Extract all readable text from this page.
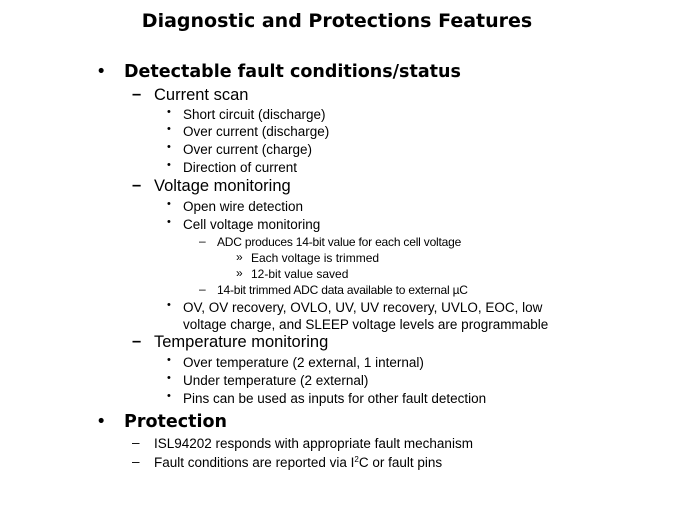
Diagnostic and Protections Features
• Detectable fault conditions/status
– Current scan
• Short circuit (discharge)
• Over current (discharge)
• Over current (charge)
• Direction of current
– Voltage monitoring
• Open wire detection
• Cell voltage monitoring
– ADC produces 14-bit value for each cell voltage
» Each voltage is trimmed
» 12-bit value saved
– 14-bit trimmed ADC data available to external µC
• OV, OV recovery, OVLO, UV, UV recovery, UVLO, EOC, low
voltage charge, and SLEEP voltage levels are programmable
– Temperature monitoring
• Over temperature (2 external, 1 internal)
• Under temperature (2 external)
• Pins can be used as inputs for other fault detection
• Protection
– ISL94202 responds with appropriate fault mechanism
– Fault conditions are reported via $I^2C$ or fault pins
